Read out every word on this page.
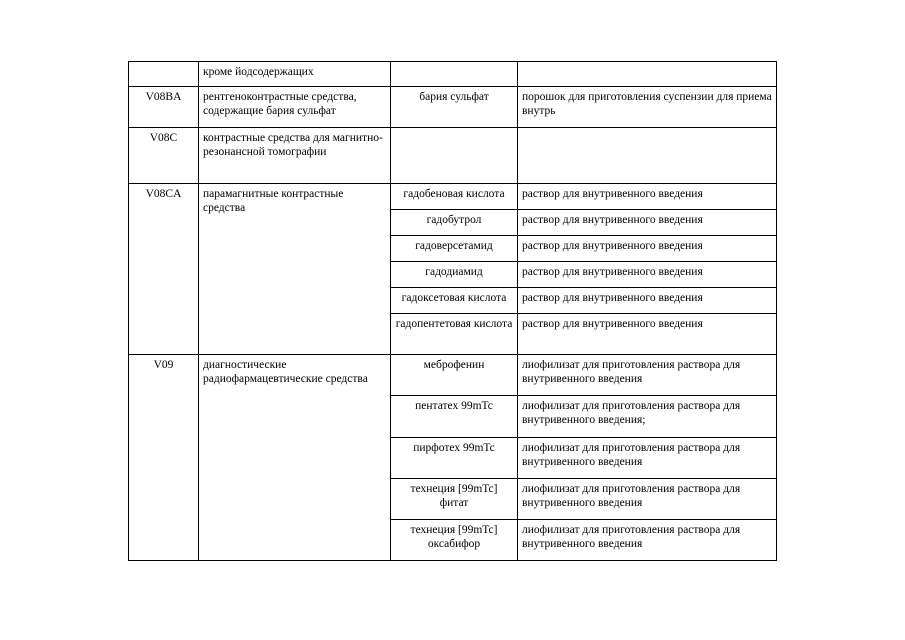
	кроме йодсодержащих		
V08BA	рентгеноконтрастные средства, содержащие бария сульфат	бария сульфат	порошок для приготовления суспензии для приема внутрь
V08C	контрастные средства для магнитно-резонансной томографии		
V08CA	парамагнитные контрастные средства	гадобеновая кислота	раствор для внутривенного введения
		гадобутрол	раствор для внутривенного введения
		гадоверсетамид	раствор для внутривенного введения
		гадодиамид	раствор для внутривенного введения
		гадоксетовая кислота	раствор для внутривенного введения
		гадопентетовая кислота	раствор для внутривенного введения
V09	диагностические радиофармацевтические средства	меброфенин	лиофилизат для приготовления раствора для внутривенного введения
		пентатех 99mTc	лиофилизат для приготовления раствора для внутривенного введения;
		пирфотех 99mTc	лиофилизат для приготовления раствора для внутривенного введения
		технеция [99mTc] фитат	лиофилизат для приготовления раствора для внутривенного введения
		технеция [99mTc] оксабифор	лиофилизат для приготовления раствора для внутривенного введения
